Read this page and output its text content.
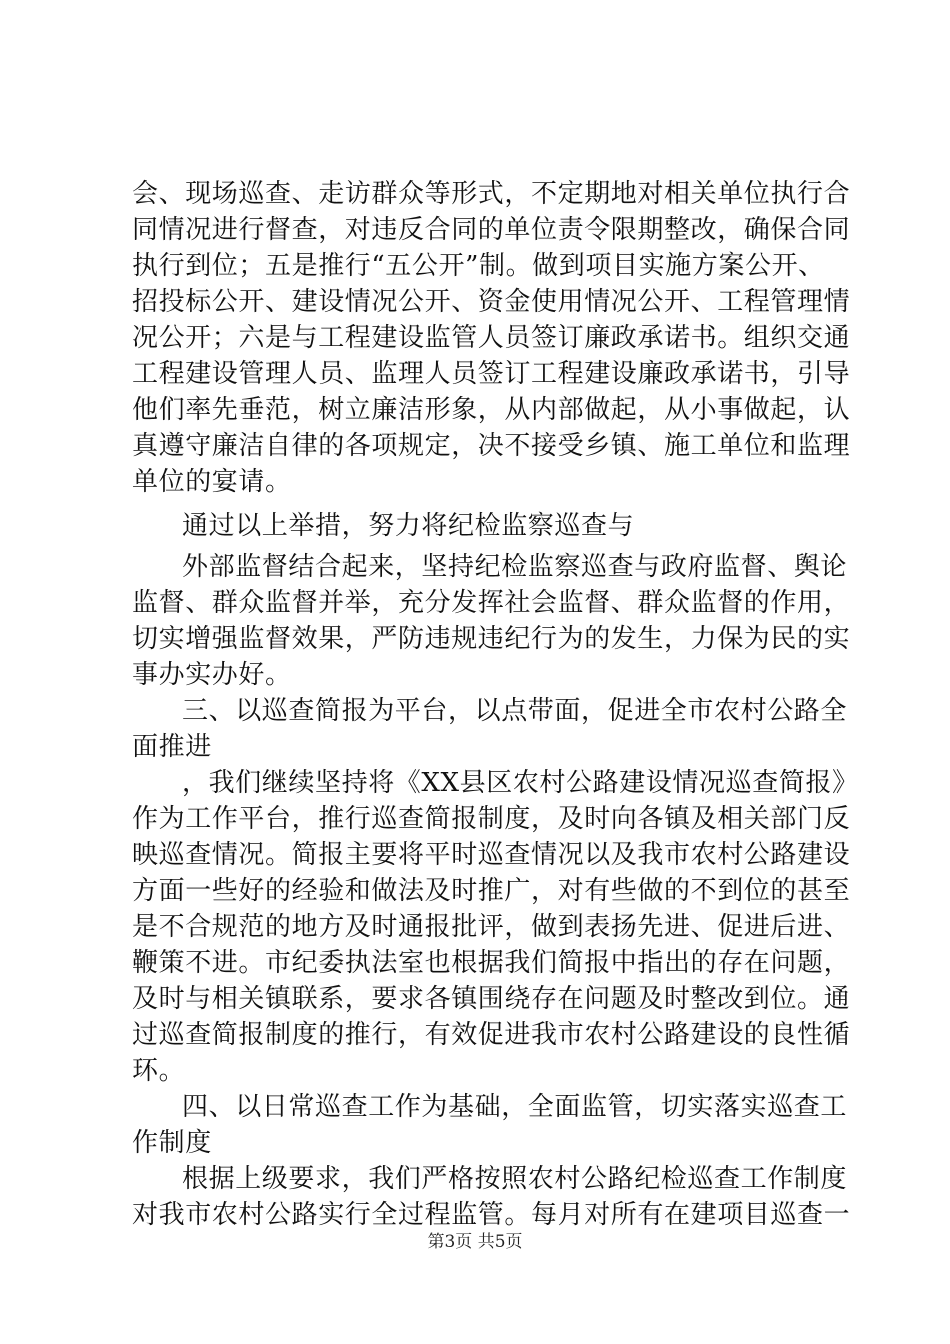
会、现场巡查、走访群众等形式，不定期地对相关单位执行合
同情况进行督查，对违反合同的单位责令限期整改，确保合同
执行到位；五是推行“五公开”制。做到项目实施方案公开、
招投标公开、建设情况公开、资金使用情况公开、工程管理情
况公开；六是与工程建设监管人员签订廉政承诺书。组织交通
工程建设管理人员、监理人员签订工程建设廉政承诺书，引导
他们率先垂范，树立廉洁形象，从内部做起，从小事做起，认
真遵守廉洁自律的各项规定，决不接受乡镇、施工单位和监理
单位的宴请。
通过以上举措，努力将纪检监察巡查与
外部监督结合起来，坚持纪检监察巡查与政府监督、舆论
监督、群众监督并举，充分发挥社会监督、群众监督的作用，
切实增强监督效果，严防违规违纪行为的发生，力保为民的实
事办实办好。
三、以巡查简报为平台，以点带面，促进全市农村公路全
面推进
，我们继续坚持将《XX县区农村公路建设情况巡查简报》
作为工作平台，推行巡查简报制度，及时向各镇及相关部门反
映巡查情况。简报主要将平时巡查情况以及我市农村公路建设
方面一些好的经验和做法及时推广，对有些做的不到位的甚至
是不合规范的地方及时通报批评，做到表扬先进、促进后进、
鞭策不进。市纪委执法室也根据我们简报中指出的存在问题，
及时与相关镇联系，要求各镇围绕存在问题及时整改到位。通
过巡查简报制度的推行，有效促进我市农村公路建设的良性循
环。
四、以日常巡查工作为基础，全面监管，切实落实巡查工
作制度
根据上级要求，我们严格按照农村公路纪检巡查工作制度
对我市农村公路实行全过程监管。每月对所有在建项目巡查一
第3页 共5页
